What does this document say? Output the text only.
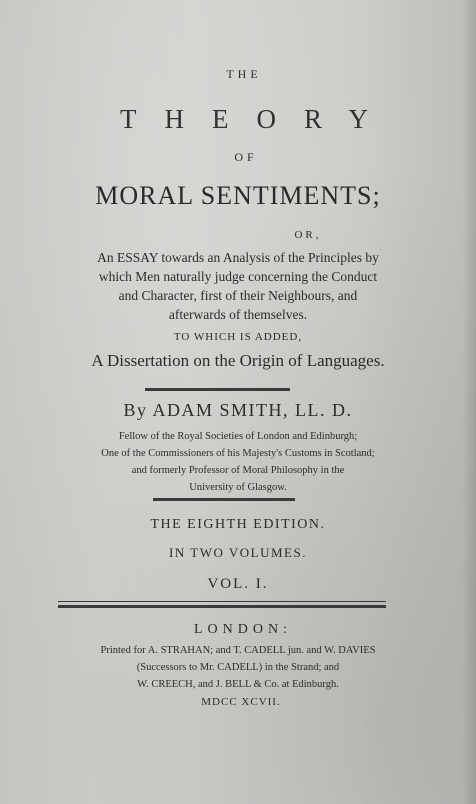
THE
THEORY
OF
MORAL SENTIMENTS;
OR,
An ESSAY towards an Analysis of the Principles by
which Men naturally judge concerning the Conduct
and Character, first of their Neighbours, and
afterwards of themselves.
TO WHICH IS ADDED,
A Dissertation on the Origin of Languages.
By ADAM SMITH, LL. D.
Fellow of the Royal Societies of London and Edinburgh;
One of the Commissioners of his Majesty's Customs in Scotland;
and formerly Professor of Moral Philosophy in the
University of Glasgow.
THE EIGHTH EDITION.
IN TWO VOLUMES.
VOL. I.
LONDON:
Printed for A. STRAHAN; and T. CADELL jun. and W. DAVIES
(Successors to Mr. CADELL) in the Strand; and
W. CREECH, and J. BELL & Co. at Edinburgh.
MDCC XCVII.
